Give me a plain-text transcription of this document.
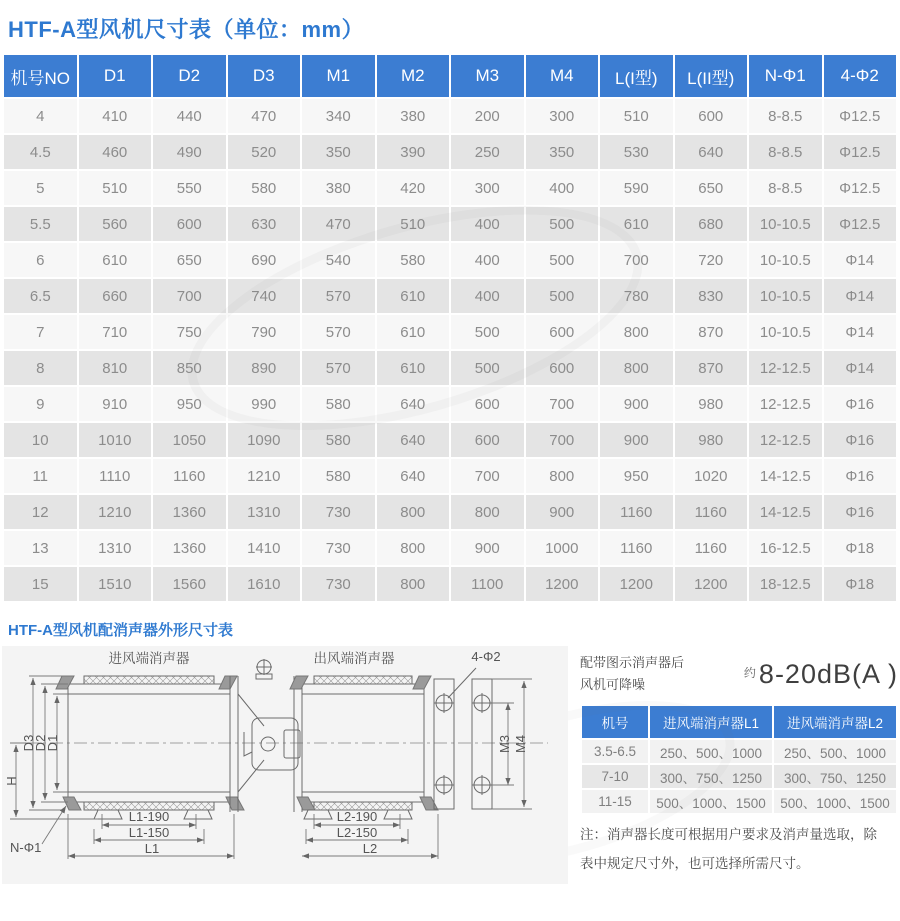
HTF-A型风机尺寸表（单位：mm）
机号NO	D1	D2	D3	M1	M2	M3	M4	L(I型)	L(II型)	N-Φ1	4-Φ2
4	410	440	470	340	380	200	300	510	600	8-8.5	Φ12.5
4.5	460	490	520	350	390	250	350	530	640	8-8.5	Φ12.5
5	510	550	580	380	420	300	400	590	650	8-8.5	Φ12.5
5.5	560	600	630	470	510	400	500	610	680	10-10.5	Φ12.5
6	610	650	690	540	580	400	500	700	720	10-10.5	Φ14
6.5	660	700	740	570	610	400	500	780	830	10-10.5	Φ14
7	710	750	790	570	610	500	600	800	870	10-10.5	Φ14
8	810	850	890	570	610	500	600	800	870	12-12.5	Φ14
9	910	950	990	580	640	600	700	900	980	12-12.5	Φ16
10	1010	1050	1090	580	640	600	700	900	980	12-12.5	Φ16
11	1110	1160	1210	580	640	700	800	950	1020	14-12.5	Φ16
12	1210	1360	1310	730	800	800	900	1160	1160	14-12.5	Φ16
13	1310	1360	1410	730	800	900	1000	1160	1160	16-12.5	Φ18
15	1510	1560	1610	730	800	1100	1200	1200	1200	18-12.5	Φ18
HTF-A型风机配消声器外形尺寸表
进风端消声器	出风端消声器	4-Φ2
H
D3
D2
D1
N-Φ1
L1-190
L1-150
L1
L2-190
L2-150
L2
M3 M4
配带图示消声器后
风机可降噪
$^约$ 8-20dB(A )
机号	进风端消声器L1	进风端消声器L2
3.5-6.5	250、500、1000	250、500、1000
7-10	300、750、1250	300、750、1250
11-15	500、1000、1500	500、1000、1500
注：消声器长度可根据用户要求及消声量选取，除
表中规定尺寸外，也可选择所需尺寸。
